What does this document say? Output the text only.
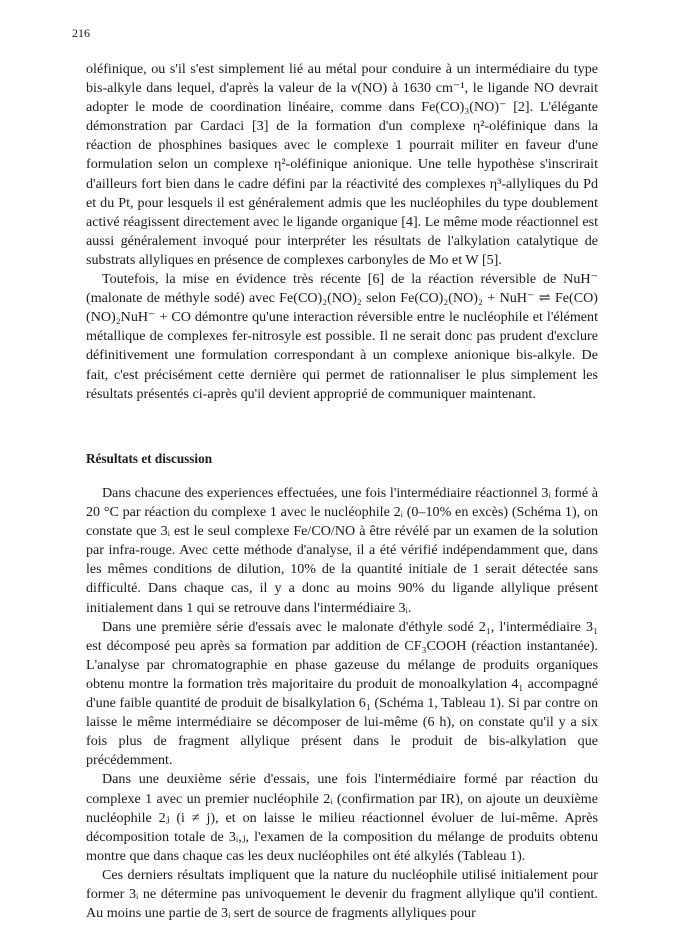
216

oléfinique, ou s'il s'est simplement lié au métal pour conduire à un intermédiaire du type bis-alkyle dans lequel, d'après la valeur de la ν(NO) à 1630 cm⁻¹, le ligande NO devrait adopter le mode de coordination linéaire, comme dans Fe(CO)₃(NO)⁻ [2]. L'élégante démonstration par Cardaci [3] de la formation d'un complexe η²-oléfinique dans la réaction de phosphines basiques avec le complexe 1 pourrait militer en faveur d'une formulation selon un complexe η²-oléfinique anionique. Une telle hypothèse s'inscrirait d'ailleurs fort bien dans le cadre défini par la réactivité des complexes η³-allyliques du Pd et du Pt, pour lesquels il est généralement admis que les nucléophiles du type doublement activé réagissent directement avec le ligande organique [4]. Le même mode réactionnel est aussi généralement invoqué pour interpréter les résultats de l'alkylation catalytique de substrats allyliques en présence de complexes carbonyles de Mo et W [5].

Toutefois, la mise en évidence très récente [6] de la réaction réversible de NuH⁻ (malonate de méthyle sodé) avec Fe(CO)₂(NO)₂ selon Fe(CO)₂(NO)₂ + NuH⁻ ⇌ Fe(CO)(NO)₂NuH⁻ + CO démontre qu'une interaction réversible entre le nucléophile et l'élément métallique de complexes fer-nitrosyle est possible. Il ne serait donc pas prudent d'exclure définitivement une formulation correspondant à un complexe anionique bis-alkyle. De fait, c'est précisément cette dernière qui permet de rationnaliser le plus simplement les résultats présentés ci-après qu'il devient approprié de communiquer maintenant.

Résultats et discussion

Dans chacune des experiences effectuées, une fois l'intermédiaire réactionnel 3ᵢ formé à 20 °C par réaction du complexe 1 avec le nucléophile 2ᵢ (0–10% en excès) (Schéma 1), on constate que 3ᵢ est le seul complexe Fe/CO/NO à être révélé par un examen de la solution par infra-rouge. Avec cette méthode d'analyse, il a été vérifié indépendamment que, dans les mêmes conditions de dilution, 10% de la quantité initiale de 1 serait détectée sans difficulté. Dans chaque cas, il y a donc au moins 90% du ligande allylique présent initialement dans 1 qui se retrouve dans l'intermédiaire 3ᵢ.

Dans une première série d'essais avec le malonate d'éthyle sodé 2₁, l'intermédiaire 3₁ est décomposé peu après sa formation par addition de CF₃COOH (réaction instantanée). L'analyse par chromatographie en phase gazeuse du mélange de produits organiques obtenu montre la formation très majoritaire du produit de monoalkylation 4₁ accompagné d'une faible quantité de produit de bisalkylation 6₁ (Schéma 1, Tableau 1). Si par contre on laisse le même intermédiaire se décomposer de lui-même (6 h), on constate qu'il y a six fois plus de fragment allylique présent dans le produit de bis-alkylation que précédemment.

Dans une deuxième série d'essais, une fois l'intermédiaire formé par réaction du complexe 1 avec un premier nucléophile 2ᵢ (confirmation par IR), on ajoute un deuxième nucléophile 2ⱼ (i ≠ j), et on laisse le milieu réactionnel évoluer de lui-même. Après décomposition totale de 3ᵢ,ⱼ, l'examen de la composition du mélange de produits obtenu montre que dans chaque cas les deux nucléophiles ont été alkylés (Tableau 1).

Ces derniers résultats impliquent que la nature du nucléophile utilisé initialement pour former 3ᵢ ne détermine pas univoquement le devenir du fragment allylique qu'il contient. Au moins une partie de 3ᵢ sert de source de fragments allyliques pour
